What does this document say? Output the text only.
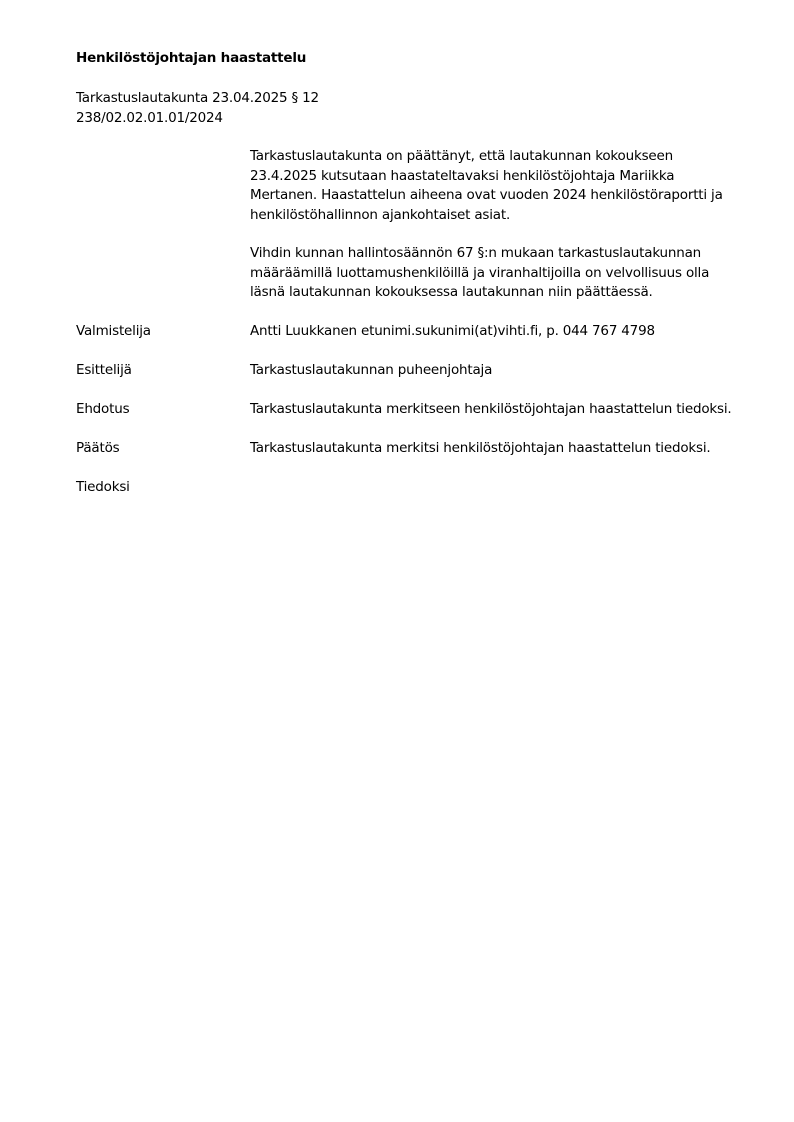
Henkilöstöjohtajan haastattelu
Tarkastuslautakunta 23.04.2025 § 12
238/02.02.01.01/2024
Tarkastuslautakunta on päättänyt, että lautakunnan kokoukseen
23.4.2025 kutsutaan haastateltavaksi henkilöstöjohtaja Mariikka
Mertanen. Haastattelun aiheena ovat vuoden 2024 henkilöstöraportti ja
henkilöstöhallinnon ajankohtaiset asiat.
Vihdin kunnan hallintosäännön 67 §:n mukaan tarkastuslautakunnan
määräämillä luottamushenkilöillä ja viranhaltijoilla on velvollisuus olla
läsnä lautakunnan kokouksessa lautakunnan niin päättäessä.
Valmistelija	Antti Luukkanen etunimi.sukunimi(at)vihti.fi, p. 044 767 4798
Esittelijä	Tarkastuslautakunnan puheenjohtaja
Ehdotus	Tarkastuslautakunta merkitseen henkilöstöjohtajan haastattelun tiedoksi.
Päätös	Tarkastuslautakunta merkitsi henkilöstöjohtajan haastattelun tiedoksi.
Tiedoksi
